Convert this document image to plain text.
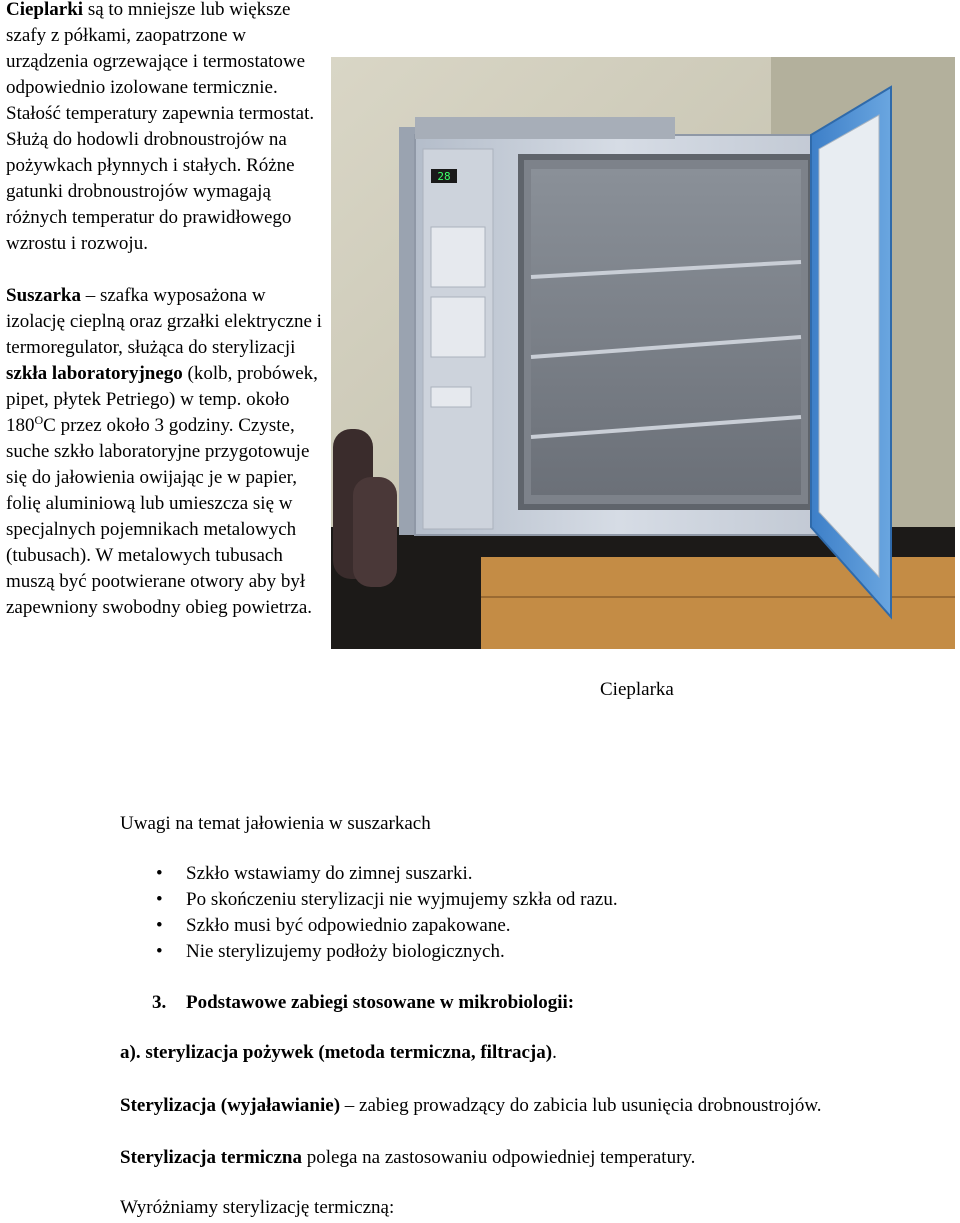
Cieplarki są to mniejsze lub większe szafy z półkami, zaopatrzone w urządzenia ogrzewające i termostatowe odpowiednio izolowane termicznie. Stałość temperatury zapewnia termostat. Służą do hodowli drobnoustrojów na pożywkach płynnych i stałych. Różne gatunki drobnoustrojów wymagają różnych temperatur do prawidłowego wzrostu i rozwoju.

Suszarka – szafka wyposażona w izolację cieplną oraz grzałki elektryczne i termoregulator, służąca do sterylizacji szkła laboratoryjnego (kolb, probówek, pipet, płytek Petriego) w temp. około $180^OC$ przez około 3 godziny. Czyste, suche szkło laboratoryjne przygotowuje się do jałowienia owijając je w papier, folię aluminiową lub umieszcza się w specjalnych pojemnikach metalowych (tubusach). W metalowych tubusach muszą być pootwierane otwory aby był zapewniony swobodny obieg powietrza.

28
Cieplarka

Uwagi na temat jałowienia w suszarkach

• Szkło wstawiamy do zimnej suszarki.
• Po skończeniu sterylizacji nie wyjmujemy szkła od razu.
• Szkło musi być odpowiednio zapakowane.
• Nie sterylizujemy podłoży biologicznych.
3. Podstawowe zabiegi stosowane w mikrobiologii:

a). sterylizacja pożywek (metoda termiczna, filtracja).

Sterylizacja (wyjaławianie) – zabieg prowadzący do zabicia lub usunięcia drobnoustrojów.

Sterylizacja termiczna polega na zastosowaniu odpowiedniej temperatury.

Wyróżniamy sterylizację termiczną:
